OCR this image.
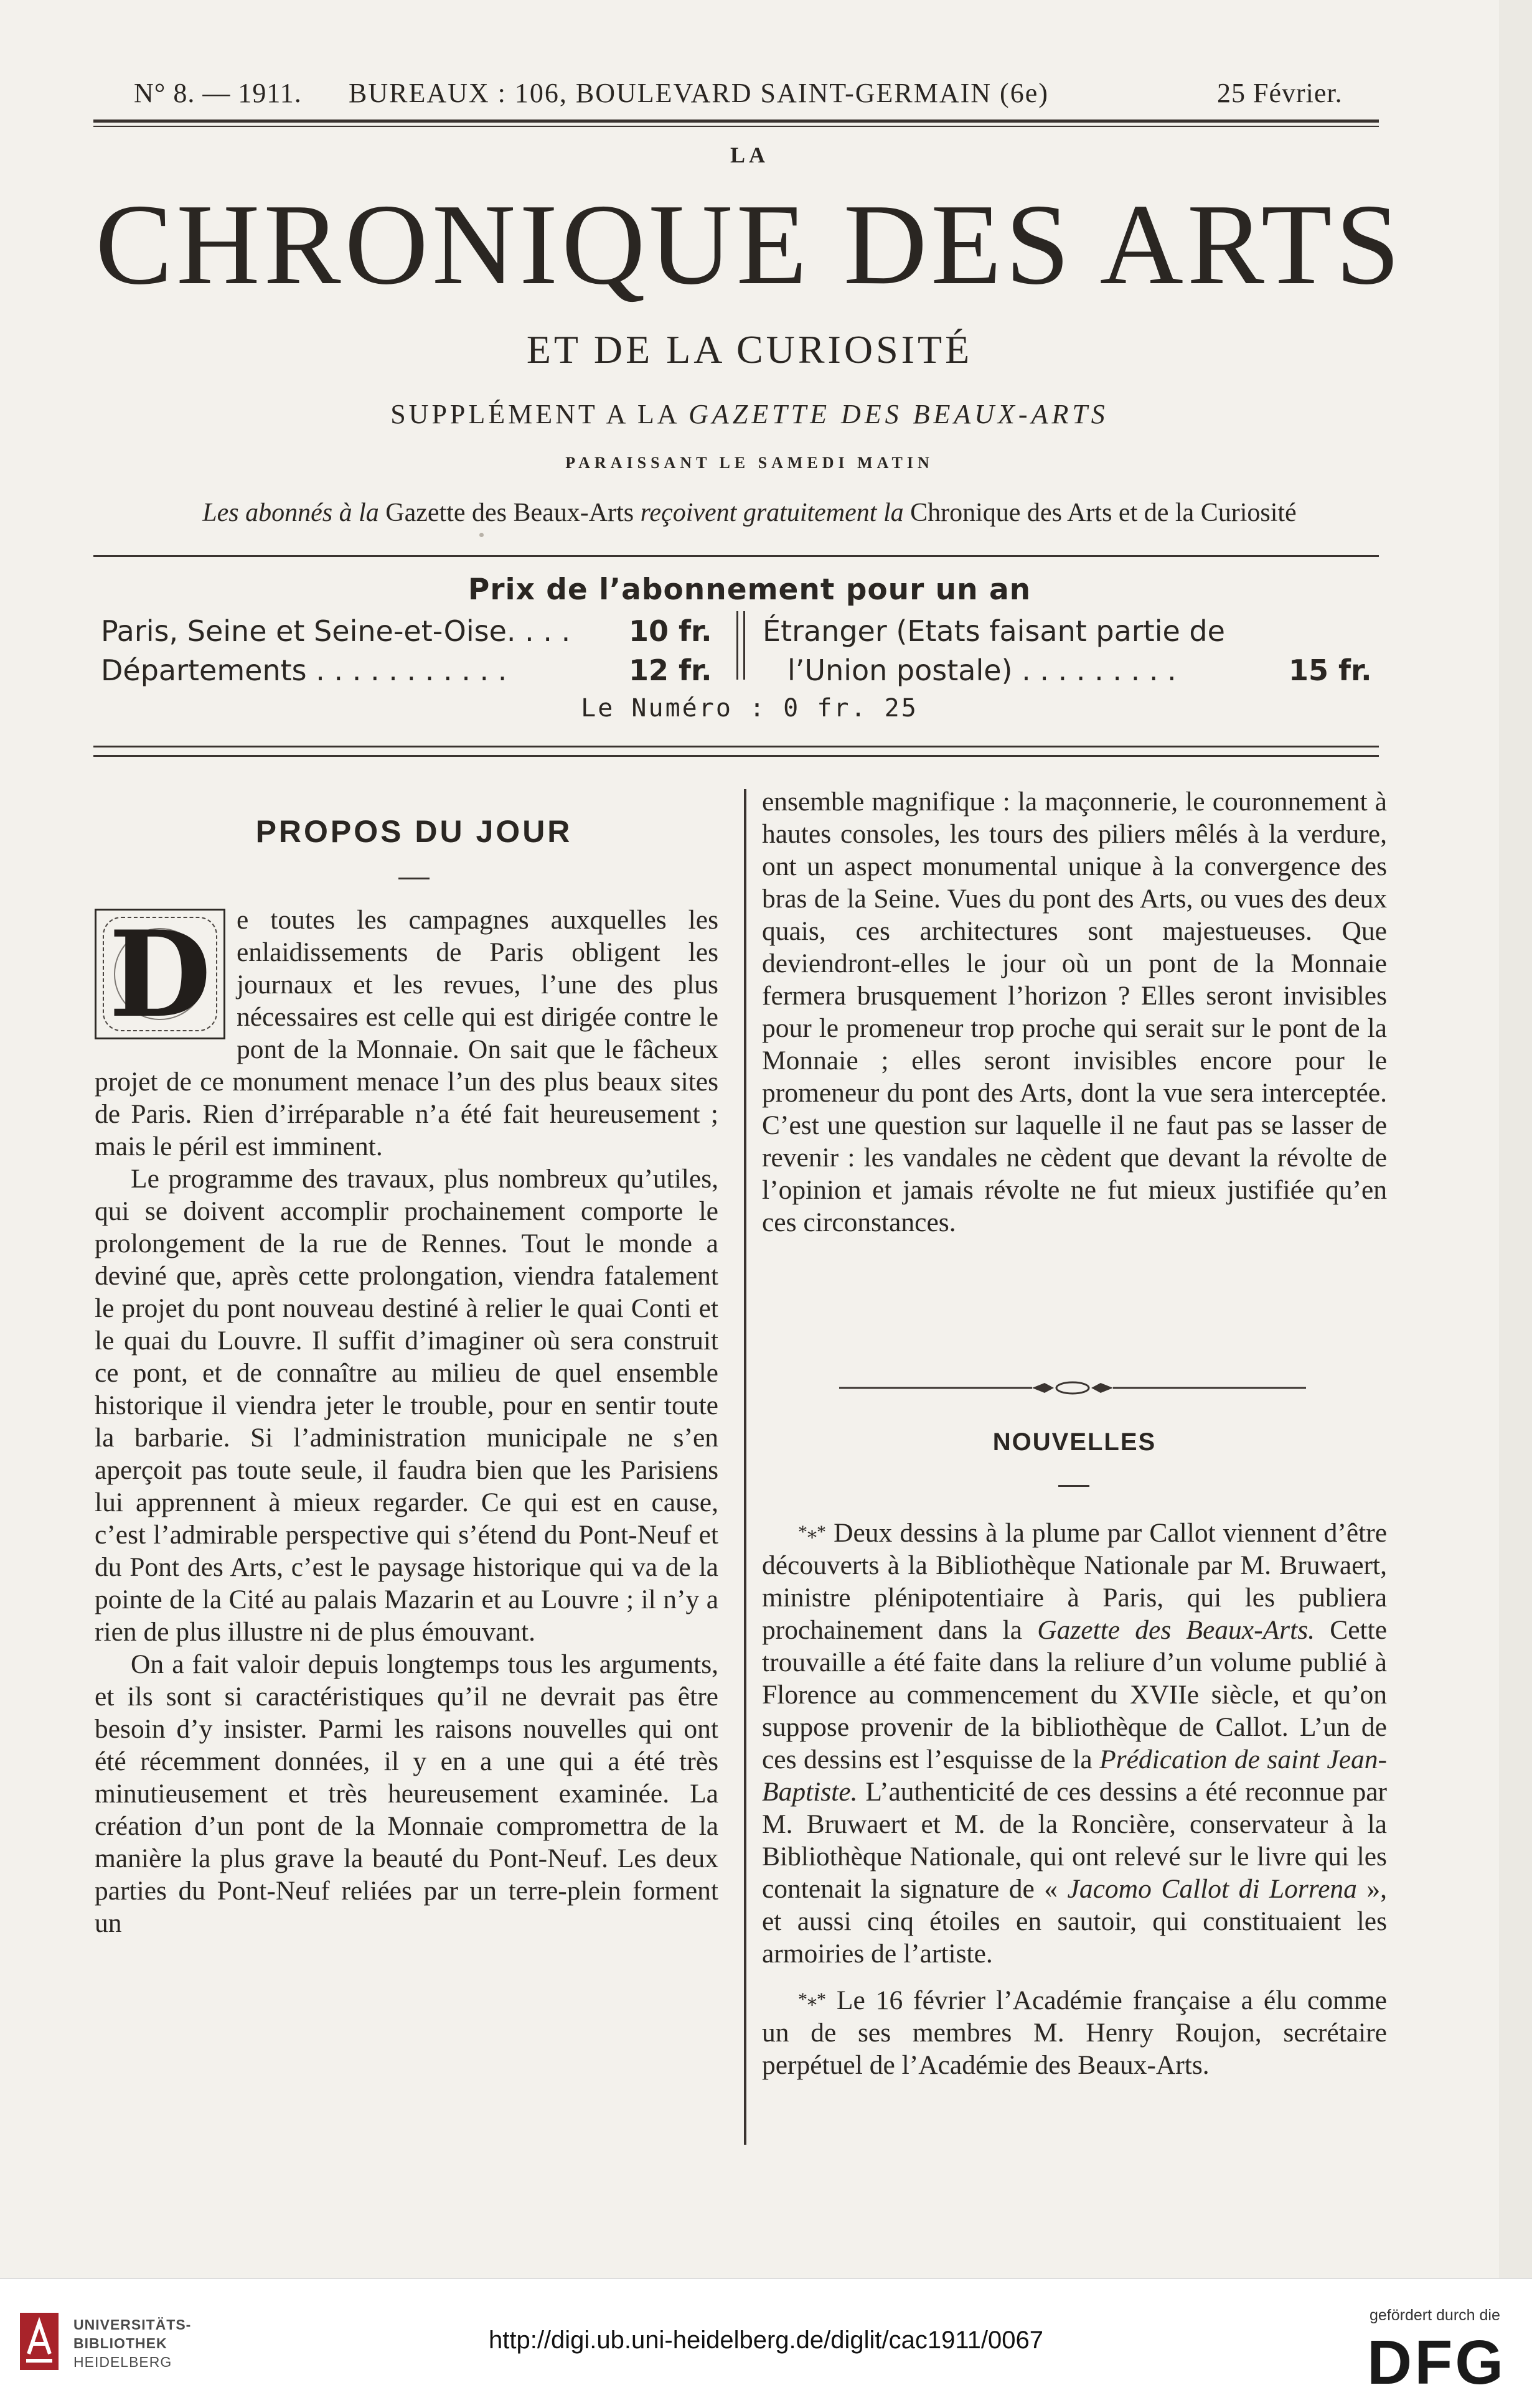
N° 8. — 1911. BUREAUX : 106, BOULEVARD SAINT-GERMAIN (6e)	25 Février.
LA
CHRONIQUE DES ARTS
ET DE LA CURIOSITÉ
SUPPLÉMENT A LA GAZETTE DES BEAUX-ARTS
PARAISSANT LE SAMEDI MATIN
Les abonnés à la Gazette des Beaux-Arts reçoivent gratuitement la Chronique des Arts et de la Curiosité
Prix de l’abonnement pour un an
Paris, Seine et Seine-et-Oise. . . . 10 fr.
Départements . . . . . . . . . . .	12 fr.
Étranger (Etats faisant partie de
l’Union postale) . . . . . . . . .	15 fr.
Le Numéro : 0 fr. 25
PROPOS DU JOUR

D e toutes les campagnes auxquelles les enlaidissements de Paris obligent les journaux et les revues, l’une des plus nécessaires est celle qui est dirigée contre le pont de la Monnaie. On sait que le fâcheux projet de ce monument menace l’un des plus beaux sites de Paris. Rien d’irréparable n’a été fait heureusement ; mais le péril est imminent.

Le programme des travaux, plus nombreux qu’utiles, qui se doivent accomplir prochainement comporte le prolongement de la rue de Rennes. Tout le monde a deviné que, après cette prolongation, viendra fatalement le projet du pont nouveau destiné à relier le quai Conti et le quai du Louvre. Il suffit d’imaginer où sera construit ce pont, et de connaître au milieu de quel ensemble historique il viendra jeter le trouble, pour en sentir toute la barbarie. Si l’administration municipale ne s’en aperçoit pas toute seule, il faudra bien que les Parisiens lui apprennent à mieux regarder. Ce qui est en cause, c’est l’admirable perspective qui s’étend du Pont-Neuf et du Pont des Arts, c’est le paysage historique qui va de la pointe de la Cité au palais Mazarin et au Louvre ; il n’y a rien de plus illustre ni de plus émouvant.

On a fait valoir depuis longtemps tous les arguments, et ils sont si caractéristiques qu’il ne devrait pas être besoin d’y insister. Parmi les raisons nouvelles qui ont été récemment données, il y en a une qui a été très minutieusement et très heureusement examinée. La création d’un pont de la Monnaie compromettra de la manière la plus grave la beauté du Pont-Neuf. Les deux parties du Pont-Neuf reliées par un terre-plein forment un

ensemble magnifique : la maçonnerie, le couronnement à hautes consoles, les tours des piliers mêlés à la verdure, ont un aspect monumental unique à la convergence des bras de la Seine. Vues du pont des Arts, ou vues des deux quais, ces architectures sont majestueuses. Que deviendront-elles le jour où un pont de la Monnaie fermera brusquement l’horizon ? Elles seront invisibles pour le promeneur trop proche qui serait sur le pont de la Monnaie ; elles seront invisibles encore pour le promeneur du pont des Arts, dont la vue sera interceptée. C’est une question sur laquelle il ne faut pas se lasser de revenir : les vandales ne cèdent que devant la révolte de l’opinion et jamais révolte ne fut mieux justifiée qu’en ces circonstances.

NOUVELLES

*⁎* Deux dessins à la plume par Callot viennent d’être découverts à la Bibliothèque Nationale par M. Bruwaert, ministre plénipotentiaire à Paris, qui les publiera prochainement dans la Gazette des Beaux-Arts. Cette trouvaille a été faite dans la reliure d’un volume publié à Florence au commencement du XVIIe siècle, et qu’on suppose provenir de la bibliothèque de Callot. L’un de ces dessins est l’esquisse de la Prédication de saint Jean-Baptiste. L’authenticité de ces dessins a été reconnue par M. Bruwaert et M. de la Roncière, conservateur à la Bibliothèque Nationale, qui ont relevé sur le livre qui les contenait la signature de « Jacomo Callot di Lorrena », et aussi cinq étoiles en sautoir, qui constituaient les armoiries de l’artiste.

*⁎* Le 16 février l’Académie française a élu comme un de ses membres M. Henry Roujon, secrétaire perpétuel de l’Académie des Beaux-Arts.

UNIVERSITÄTS-
BIBLIOTHEK
HEIDELBERG
http://digi.ub.uni-heidelberg.de/diglit/cac1911/0067
gefördert durch die
DFG
